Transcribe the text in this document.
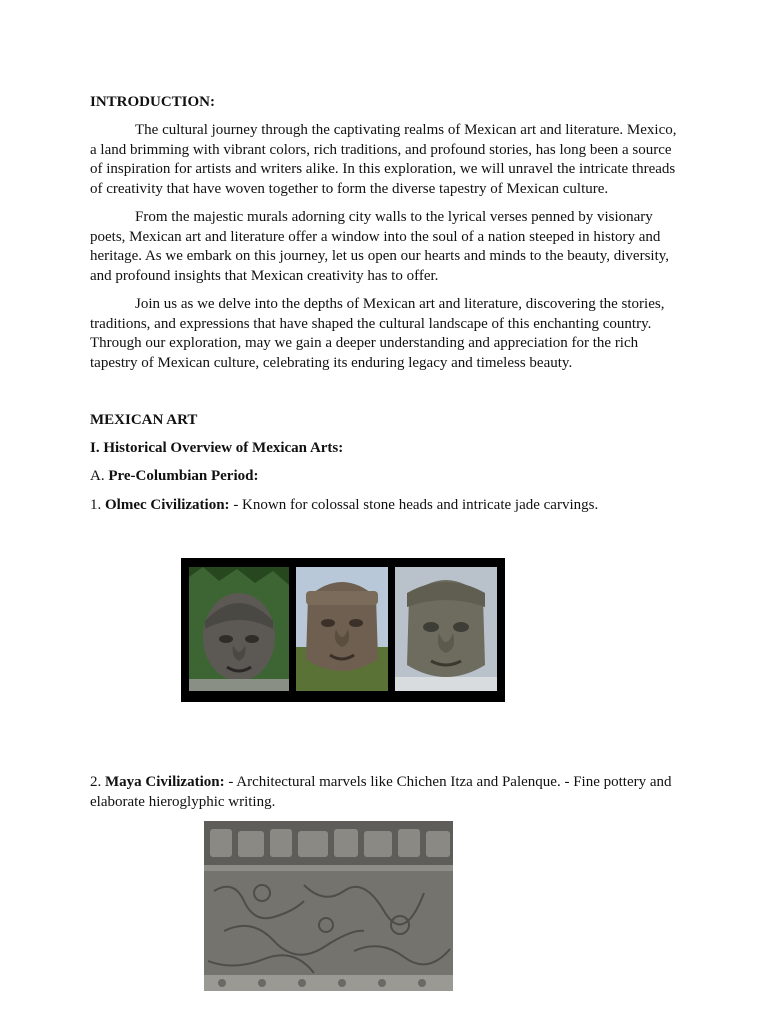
INTRODUCTION:

The cultural journey through the captivating realms of Mexican art and literature. Mexico, a land brimming with vibrant colors, rich traditions, and profound stories, has long been a source of inspiration for artists and writers alike. In this exploration, we will unravel the intricate threads of creativity that have woven together to form the diverse tapestry of Mexican culture.

From the majestic murals adorning city walls to the lyrical verses penned by visionary poets, Mexican art and literature offer a window into the soul of a nation steeped in history and heritage. As we embark on this journey, let us open our hearts and minds to the beauty, diversity, and profound insights that Mexican creativity has to offer.

Join us as we delve into the depths of Mexican art and literature, discovering the stories, traditions, and expressions that have shaped the cultural landscape of this enchanting country. Through our exploration, may we gain a deeper understanding and appreciation for the rich tapestry of Mexican culture, celebrating its enduring legacy and timeless beauty.

MEXICAN ART

I. Historical Overview of Mexican Arts:

A. Pre-Columbian Period:

1. Olmec Civilization: - Known for colossal stone heads and intricate jade carvings.

2. Maya Civilization: - Architectural marvels like Chichen Itza and Palenque. - Fine pottery and elaborate hieroglyphic writing.
